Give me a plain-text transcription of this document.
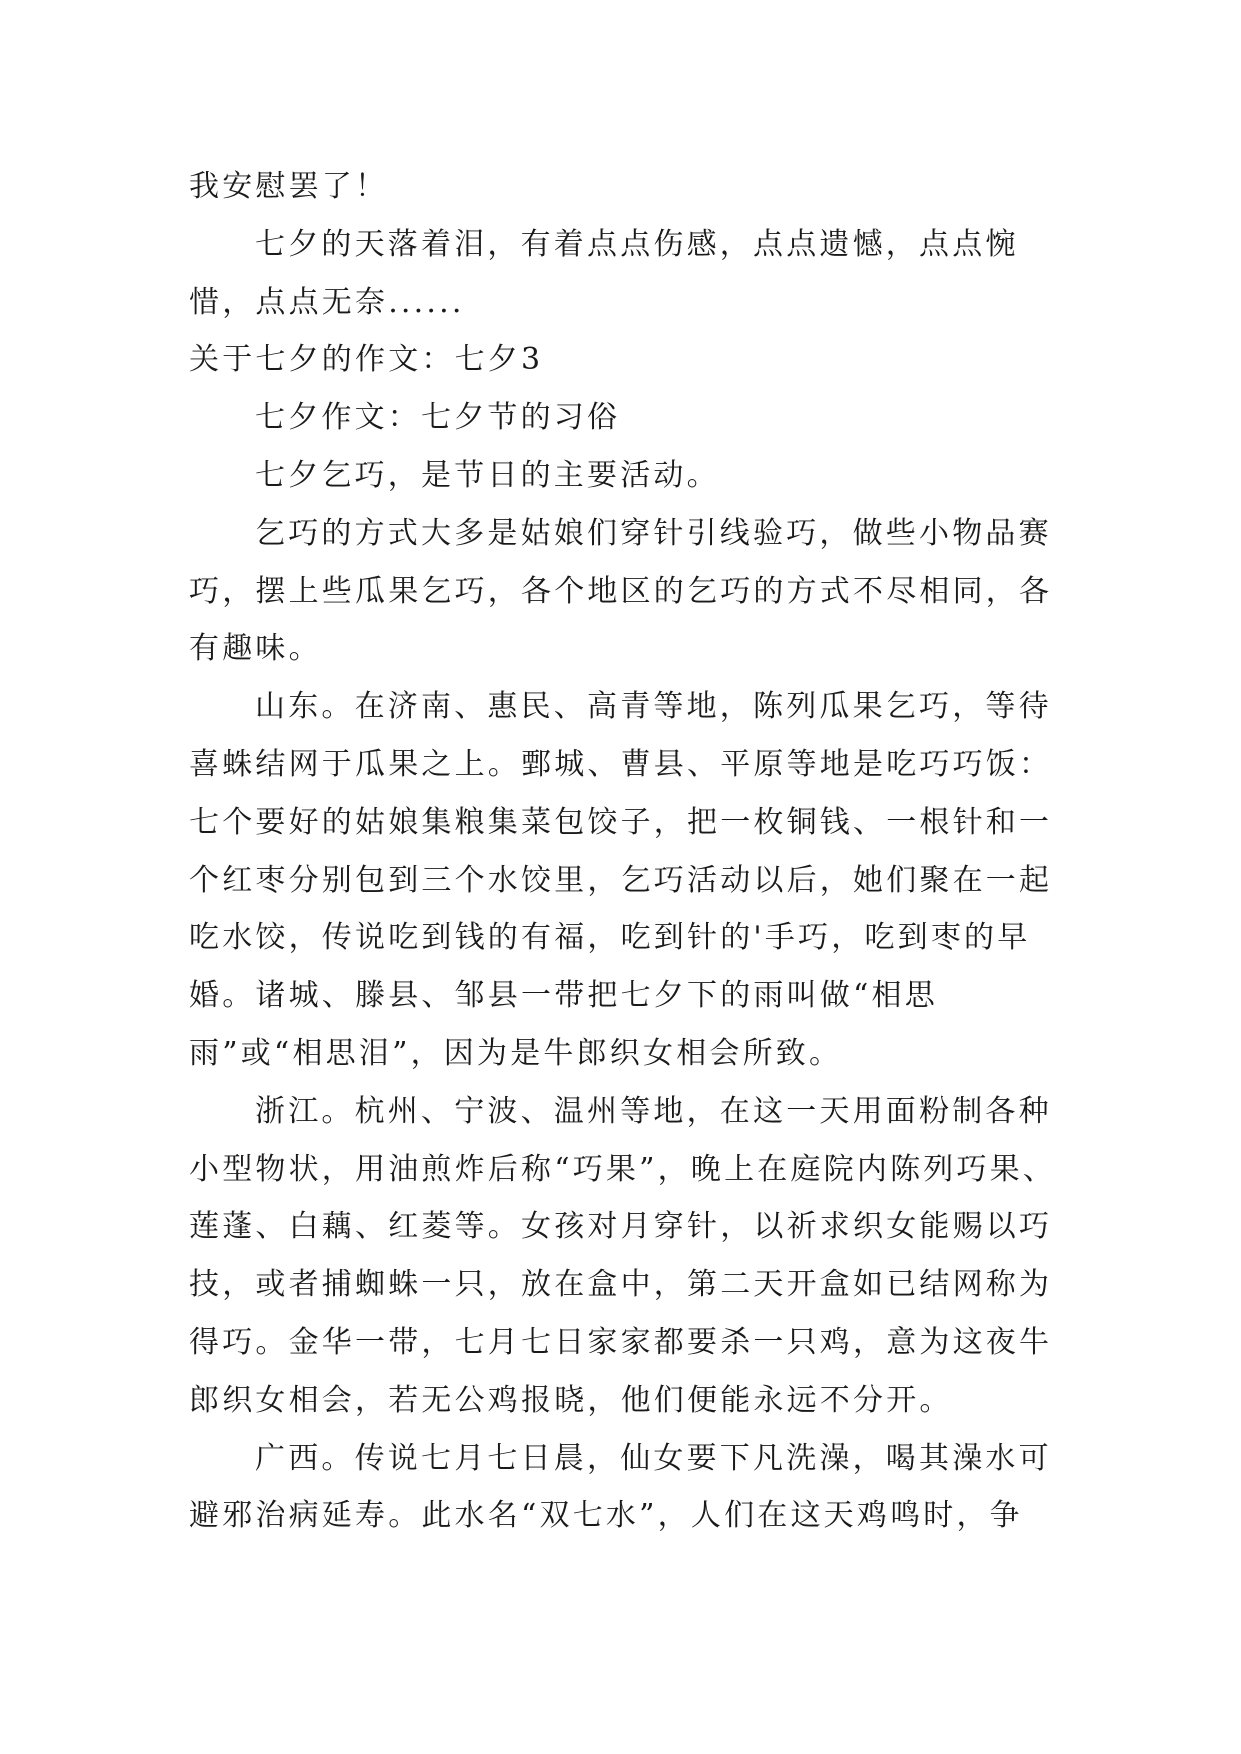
我安慰罢了！

七夕的天落着泪，有着点点伤感，点点遗憾，点点惋惜，点点无奈......

关于七夕的作文：七夕3

七夕作文：七夕节的习俗

七夕乞巧，是节日的主要活动。

乞巧的方式大多是姑娘们穿针引线验巧，做些小物品赛巧，摆上些瓜果乞巧，各个地区的乞巧的方式不尽相同，各有趣味。

山东。在济南、惠民、高青等地，陈列瓜果乞巧，等待喜蛛结网于瓜果之上。鄄城、曹县、平原等地是吃巧巧饭：七个要好的姑娘集粮集菜包饺子，把一枚铜钱、一根针和一个红枣分别包到三个水饺里，乞巧活动以后，她们聚在一起吃水饺，传说吃到钱的有福，吃到针的'手巧，吃到枣的早婚。诸城、滕县、邹县一带把七夕下的雨叫做“相思雨”或“相思泪”，因为是牛郎织女相会所致。

浙江。杭州、宁波、温州等地，在这一天用面粉制各种小型物状，用油煎炸后称“巧果”，晚上在庭院内陈列巧果、莲蓬、白藕、红菱等。女孩对月穿针，以祈求织女能赐以巧技，或者捕蜘蛛一只，放在盒中，第二天开盒如已结网称为得巧。金华一带，七月七日家家都要杀一只鸡，意为这夜牛郎织女相会，若无公鸡报晓，他们便能永远不分开。

广西。传说七月七日晨，仙女要下凡洗澡，喝其澡水可避邪治病延寿。此水名“双七水”，人们在这天鸡鸣时，争
